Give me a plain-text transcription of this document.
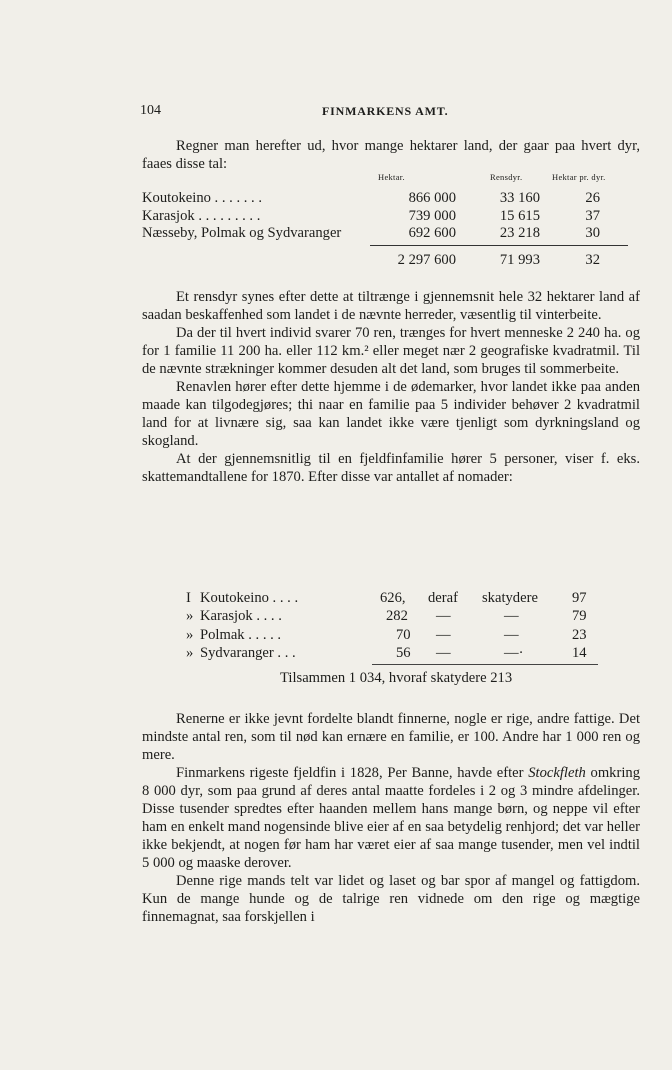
104	FINMARKENS AMT.

Regner man herefter ud, hvor mange hektarer land, der gaar paa hvert dyr, faaes disse tal:

Hektar.	Rensdyr.	Hektar pr. dyr.
Koutokeino . . . . . . .	866 000	33 160	26
Karasjok . . . . . . . . .	739 000	15 615	37
Næsseby, Polmak og Sydvaranger	692 600	23 218	30
2 297 600	71 993	32

Et rensdyr synes efter dette at tiltrænge i gjennemsnit hele 32 hektarer land af saadan beskaffenhed som landet i de nævnte herreder, væsentlig til vinterbeite.

Da der til hvert individ svarer 70 ren, trænges for hvert menneske 2 240 ha. og for 1 familie 11 200 ha. eller 112 km.² eller meget nær 2 geografiske kvadratmil. Til de nævnte strækninger kommer desuden alt det land, som bruges til sommerbeite.

Renavlen hører efter dette hjemme i de ødemarker, hvor landet ikke paa anden maade kan tilgodegjøres; thi naar en familie paa 5 individer behøver 2 kvadratmil land for at livnære sig, saa kan landet ikke være tjenligt som dyrkningsland og skogland.

At der gjennemsnitlig til en fjeldfinfamilie hører 5 personer, viser f. eks. skattemandtallene for 1870. Efter disse var antallet af nomader:

I Koutokeino . . . .	626, deraf skatydere 97
» Karasjok . . . .	282 —	—	79
» Polmak . . . . .	70 —	—	23
» Sydvaranger . . .	56 —	—·	14
Tilsammen 1 034, hvoraf skatydere 213

Renerne er ikke jevnt fordelte blandt finnerne, nogle er rige, andre fattige. Det mindste antal ren, som til nød kan ernære en familie, er 100. Andre har 1 000 ren og mere.

Finmarkens rigeste fjeldfin i 1828, Per Banne, havde efter Stockfleth omkring 8 000 dyr, som paa grund af deres antal maatte fordeles i 2 og 3 mindre afdelinger. Disse tusender spredtes efter haanden mellem hans mange børn, og neppe vil efter ham en enkelt mand nogensinde blive eier af en saa betydelig renhjord; det var heller ikke bekjendt, at nogen før ham har været eier af saa mange tusender, men vel indtil 5 000 og maaske derover.

Denne rige mands telt var lidet og laset og bar spor af mangel og fattigdom. Kun de mange hunde og de talrige ren vidnede om den rige og mægtige finnemagnat, saa forskjellen i
